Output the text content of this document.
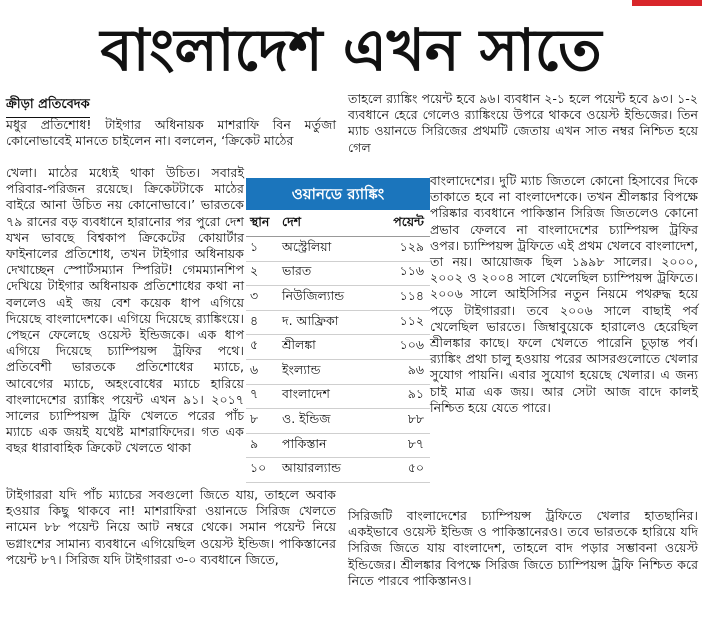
বাংলাদেশ এখন সাতে
ক্রীড়া প্রতিবেদক

মধুর প্রতিশোধ! টাইগার অধিনায়ক মাশরাফি বিন মর্তুজা কোনোভাবেই মানতে চাইলেন না। বললেন, ‘ক্রিকেট মাঠের

খেলা। মাঠের মধ্যেই থাকা উচিত। সবারই পরিবার-পরিজন রয়েছে। ক্রিকেটটাকে মাঠের বাইরে আনা উচিত নয় কোনোভাবে।’ ভারতকে ৭৯ রানের বড় ব্যবধানে হারানোর পর পুরো দেশ যখন ভাবছে বিশ্বকাপ ক্রিকেটের কোয়ার্টার ফাইনালের প্রতিশোধ, তখন টাইগার অধিনায়ক দেখাচ্ছেন স্পোর্টসম্যান স্পিরিট! গেমম্যানশিপ দেখিয়ে টাইগার অধিনায়ক প্রতিশোধের কথা না বললেও এই জয় বেশ কয়েক ধাপ এগিয়ে দিয়েছে বাংলাদেশকে। এগিয়ে দিয়েছে র‌্যাঙ্কিংয়ে। পেছনে ফেলেছে ওয়েস্ট ইন্ডিজকে। এক ধাপ এগিয়ে দিয়েছে চ্যাম্পিয়ন্স ট্রফির পথে। প্রতিবেশী ভারতকে প্রতিশোধের ম্যাচে, আবেগের ম্যাচে, অহংবোধের ম্যাচে হারিয়ে বাংলাদেশের র‌্যাঙ্কিং পয়েন্ট এখন ৯১। ২০১৭ সালের চ্যাম্পিয়ন্স ট্রফি খেলতে পরের পাঁচ ম্যাচে এক জয়ই যথেষ্ট মাশরাফিদের। গত এক বছর ধারাবাহিক ক্রিকেট খেলতে থাকা

টাইগাররা যদি পাঁচ ম্যাচের সবগুলো জিতে যায়, তাহলে অবাক হওয়ার কিছু থাকবে না! মাশরাফিরা ওয়ানডে সিরিজ খেলতে নামেন ৮৮ পয়েন্ট নিয়ে আট নম্বরে থেকে। সমান পয়েন্ট নিয়ে ভগ্নাংশের সামান্য ব্যবধানে এগিয়েছিল ওয়েস্ট ইন্ডিজ। পাকিস্তানের পয়েন্ট ৮৭। সিরিজ যদি টাইগাররা ৩-০ ব্যবধানে জিতে,

তাহলে র‌্যাঙ্কিং পয়েন্ট হবে ৯৬। ব্যবধান ২-১ হলে পয়েন্ট হবে ৯৩। ১-২ ব্যবধানে হেরে গেলেও র‌্যাঙ্কিংয়ে উপরে থাকবে ওয়েস্ট ইন্ডিজের। তিন ম্যাচ ওয়ানডে সিরিজের প্রথমটি জেতায় এখন সাত নম্বর নিশ্চিত হয়ে গেল

বাংলাদেশের। দুটি ম্যাচ জিতলে কোনো হিসাবের দিকে তাকাতে হবে না বাংলাদেশকে। তখন শ্রীলঙ্কার বিপক্ষে পরিষ্কার ব্যবধানে পাকিস্তান সিরিজ জিতলেও কোনো প্রভাব ফেলবে না বাংলাদেশের চ্যাম্পিয়ন্স ট্রফির ওপর। চ্যাম্পিয়ন্স ট্রফিতে এই প্রথম খেলবে বাংলাদেশ, তা নয়। আয়োজক ছিল ১৯৯৮ সালের। ২০০০, ২০০২ ও ২০০৪ সালে খেলেছিল চ্যাম্পিয়ন্স ট্রফিতে। ২০০৬ সালে আইসিসির নতুন নিয়মে পথরুদ্ধ হয়ে পড়ে টাইগাররা। তবে ২০০৬ সালে বাছাই পর্ব খেলেছিল ভারতে। জিম্বাবুয়েকে হারালেও হেরেছিল শ্রীলঙ্কার কাছে। ফলে খেলতে পারেনি চূড়ান্ত পর্ব। র‌্যাঙ্কিং প্রথা চালু হওয়ায় পরের আসরগুলোতে খেলার সুযোগ পায়নি। এবার সুযোগ হয়েছে খেলার। এ জন্য চাই মাত্র এক জয়। আর সেটা আজ বাদে কালই নিশ্চিত হয়ে যেতে পারে।

সিরিজটি বাংলাদেশের চ্যাম্পিয়ন্স ট্রফিতে খেলার হাতছানির। একইভাবে ওয়েস্ট ইন্ডিজ ও পাকিস্তানেরও। তবে ভারতকে হারিয়ে যদি সিরিজ জিতে যায় বাংলাদেশ, তাহলে বাদ পড়ার সম্ভাবনা ওয়েস্ট ইন্ডিজের। শ্রীলঙ্কার বিপক্ষে সিরিজ জিতে চ্যাম্পিয়ন্স ট্রফি নিশ্চিত করে নিতে পারবে পাকিস্তানও।

ওয়ানডে র‌্যাঙ্কিং
স্থান	দেশ	পয়েন্ট
১	অস্ট্রেলিয়া	১২৯
২	ভারত	১১৬
৩	নিউজিল্যান্ড	১১৪
৪	দ. আফ্রিকা	১১২
৫	শ্রীলঙ্কা	১০৬
৬	ইংল্যান্ড	৯৬
৭	বাংলাদেশ	৯১
৮	ও. ইন্ডিজ	৮৮
৯	পাকিস্তান	৮৭
১০	আয়ারল্যান্ড	৫০
